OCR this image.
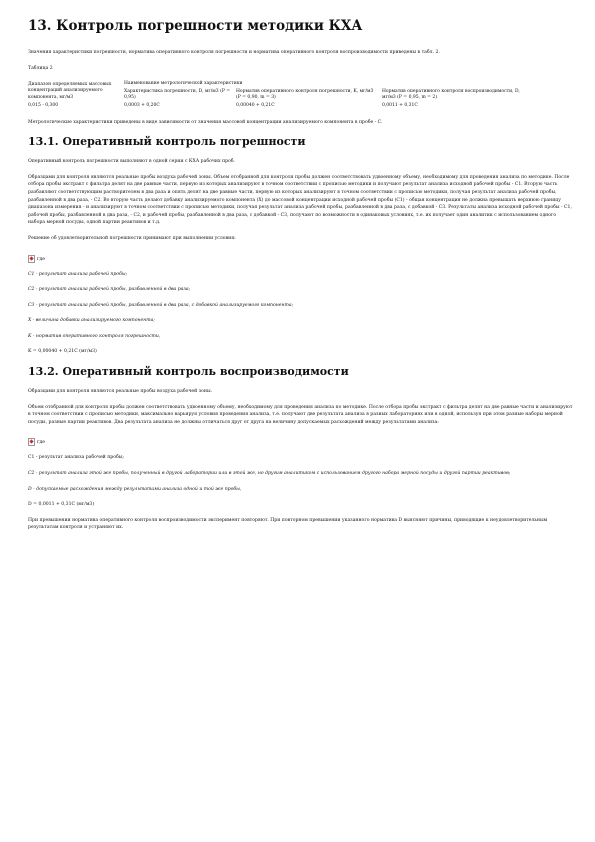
13. Контроль погрешности методики КХА

Значения характеристики погрешности, норматива оперативного контроля погрешности и норматива оперативного контроля воспроизводимости приведены в табл. 2.

Таблица 2

Диапазон определяемых массовых концентраций анализируемого компонента, мг/м3	Наименование метрологической характеристики		
	Характеристика погрешности, D, мг/м3 (P = 0,95)	Норматив оперативного контроля погрешности, K, мг/м3 (P = 0,90, m = 3)	Норматив оперативного контроля воспроизводимости, D, мг/м3 (P = 0,95, m = 2)
0,015 - 0,300	0,0003 + 0,20C	0,00040 + 0,21C	0,0011 + 0,31C

Метрологические характеристики приведены в виде зависимости от значения массовой концентрации анализируемого компонента в пробе - C.

13.1. Оперативный контроль погрешности

Оперативный контроль погрешности выполняют в одной серии с КХА рабочих проб.

Образцами для контроля являются реальные пробы воздуха рабочей зоны. Объем отобранной для контроля пробы должен соответствовать удвоенному объему, необходимому для проведения анализа по методике. После отбора пробы экстракт с фильтра делят на две равные части, первую из которых анализируют в точном соответствии с прописью методики и получают результат анализа исходной рабочей пробы - C1. Вторую часть разбавляют соответствующим растворителем в два раза и опять делят на две равные части, первую из которых анализируют в точном соответствии с прописью методики, получая результат анализа рабочей пробы, разбавленной в два раза, - C2. Во вторую часть делают добавку анализируемого компонента (X) до массовой концентрации исходной рабочей пробы (C1) - общая концентрация не должна превышать верхнюю границу диапазона измерения - и анализируют в точном соответствии с прописью методики, получая результат анализа рабочей пробы, разбавленной в два раза, с добавкой - C3. Результаты анализа исходной рабочей пробы - C1, рабочей пробы, разбавленной в два раза, - C2, и рабочей пробы, разбавленной в два раза, с добавкой - C3, получают по возможности в одинаковых условиях, т.е. их получает один аналитик с использованием одного набора мерной посуды, одной партии реактивов и т.д.

Решение об удовлетворительной погрешности принимают при выполнении условия:

где

C1 - результат анализа рабочей пробы;

C2 - результат анализа рабочей пробы, разбавленной в два раза;

C3 - результат анализа рабочей пробы, разбавленной в два раза, с добавкой анализируемого компонента;

X - величина добавки анализируемого компонента;

K - норматив оперативного контроля погрешности,

K = 0,00040 + 0,21C (мг/м3)

13.2. Оперативный контроль воспроизводимости

Образцами для контроля являются реальные пробы воздуха рабочей зоны.

Объем отобранной для контроля пробы должен соответствовать удвоенному объему, необходимому для проведения анализа по методике. После отбора пробы экстракт с фильтра делят на две равные части и анализируют в точном соответствии с прописью методики, максимально варьируя условия проведения анализа, т.е. получают две результата анализа в разных лабораториях или в одной, используя при этом разные наборы мерной посуды, разные партии реактивов. Два результата анализа не должны отличаться друг от друга на величину допускаемых расхождений между результатами анализа:

где

C1 - результат анализа рабочей пробы;

C2 - результат анализа этой же пробы, полученный в другой лаборатории или в этой же, но другим аналитиком с использованием другого набора мерной посуды и другой партии реактивов;

D - допускаемые расхождения между результатами анализа одной и той же пробы,

D = 0,0011 + 0,31C (мг/м3)

При превышении норматива оперативного контроля воспроизводимости эксперимент повторяют. При повторном превышении указанного норматива D выясняют причины, приводящие к неудовлетворительным результатам контроля и устраняют их.
